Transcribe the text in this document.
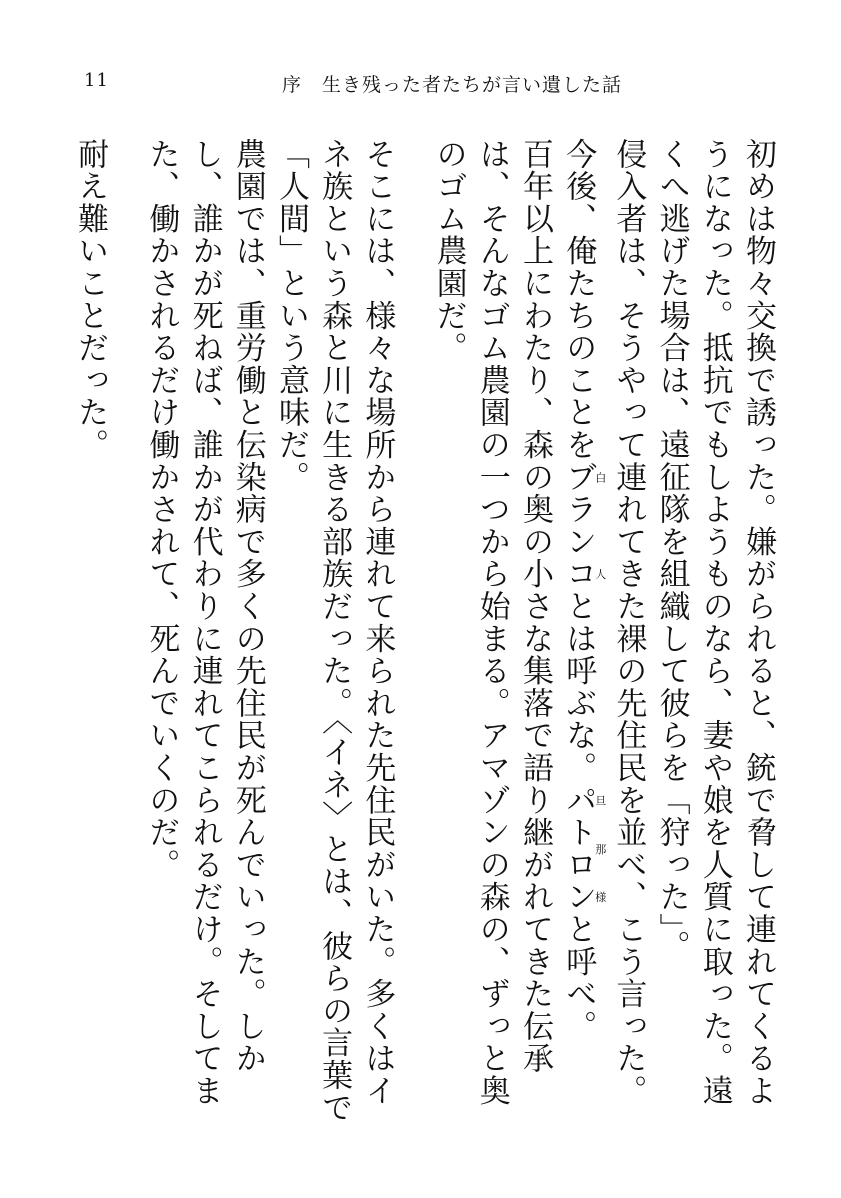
11	序　生き残った者たちが言い遺した話

初めは物々交換で誘った。嫌がられると、銃で脅して連れてくるようになった。抵抗でもしようものなら、妻や娘を人質に取った。遠くへ逃げた場合は、遠征隊を組織して彼らを「狩った」。

侵入者は、そうやって連れてきた裸の先住民を並べ、こう言った。

今後、俺たちのことをブランコ白人とは呼ぶな。パトロン旦那様と呼べ。

百年以上にわたり、森の奥の小さな集落で語り継がれてきた伝承は、そんなゴム農園の一つから始まる。アマゾンの森の、ずっと奥のゴム農園だ。

そこには、様々な場所から連れて来られた先住民がいた。多くはイネ族という森と川に生きる部族だった。〈イネ〉とは、彼らの言葉で「人間」という意味だ。

農園では、重労働と伝染病で多くの先住民が死んでいった。しかし、誰かが死ねば、誰かが代わりに連れてこられるだけ。そしてまた、働かされるだけ働かされて、死んでいくのだ。

耐え難いことだった。
